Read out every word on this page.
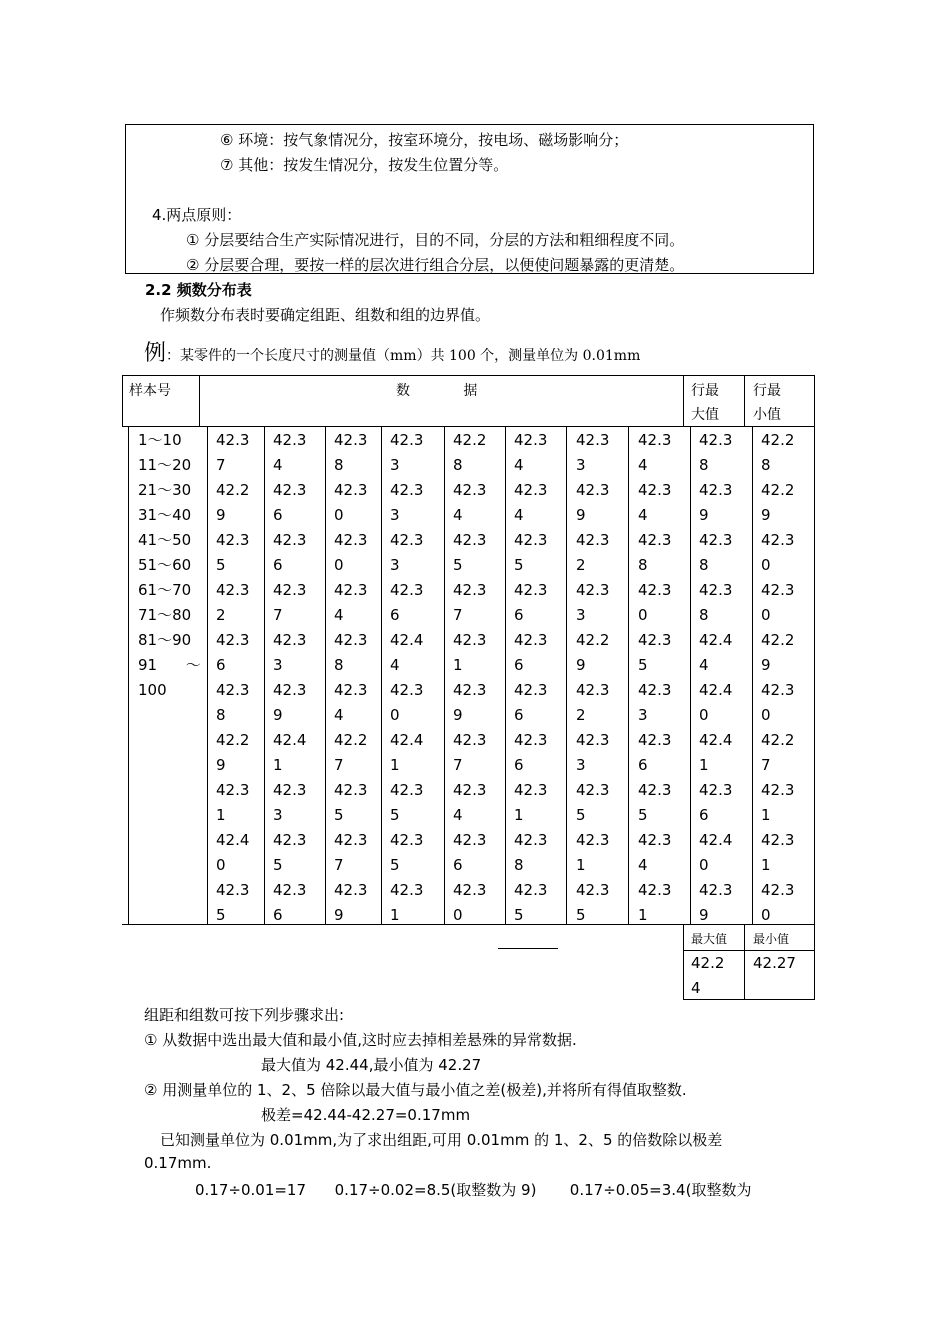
⑥ 环境：按气象情况分，按室环境分，按电场、磁场影响分；
⑦ 其他：按发生情况分，按发生位置分等。
4.两点原则：
① 分层要结合生产实际情况进行，目的不同，分层的方法和粗细程度不同。
② 分层要合理，要按一样的层次进行组合分层，以便使问题暴露的更清楚。
2.2 频数分布表
作频数分布表时要确定组距、组数和组的边界值。
例：某零件的一个长度尺寸的测量值（mm）共 100 个，测量单位为 0.01mm
样本号	数            据	行最
大值
行最
小值
1～10
11～20
21～30
31～40
41～50
51～60
61～70
71～80
81～90
91      ～
100
42.3
7
42.2
9
42.3
5
42.3
2
42.3
6
42.3
8
42.2
9
42.3
1
42.4
0
42.3
5
42.3
4
42.3
6
42.3
6
42.3
7
42.3
3
42.3
9
42.4
1
42.3
3
42.3
5
42.3
6
42.3
8
42.3
0
42.3
0
42.3
4
42.3
8
42.3
4
42.2
7
42.3
5
42.3
7
42.3
9
42.3
3
42.3
3
42.3
3
42.3
6
42.4
4
42.3
0
42.4
1
42.3
5
42.3
5
42.3
1
42.2
8
42.3
4
42.3
5
42.3
7
42.3
1
42.3
9
42.3
7
42.3
4
42.3
6
42.3
0
42.3
4
42.3
4
42.3
5
42.3
6
42.3
6
42.3
6
42.3
6
42.3
1
42.3
8
42.3
5
42.3
3
42.3
9
42.3
2
42.3
3
42.2
9
42.3
2
42.3
3
42.3
5
42.3
1
42.3
5
42.3
4
42.3
4
42.3
8
42.3
0
42.3
5
42.3
3
42.3
6
42.3
5
42.3
4
42.3
1
42.3
8
42.3
9
42.3
8
42.3
8
42.4
4
42.4
0
42.4
1
42.3
6
42.4
0
42.3
9
42.2
8
42.2
9
42.3
0
42.3
0
42.2
9
42.3
0
42.2
7
42.3
1
42.3
1
42.3
0
最大值 最小值
42.2
4
42.27
组距和组数可按下列步骤求出:
① 从数据中选出最大值和最小值,这时应去掉相差悬殊的异常数据.
最大值为 42.44,最小值为 42.27
② 用测量单位的 1、2、5 倍除以最大值与最小值之差(极差),并将所有得值取整数.
极差=42.44-42.27=0.17mm
已知测量单位为 0.01mm,为了求出组距,可用 0.01mm 的 1、2、5 的倍数除以极差
0.17mm.
0.17÷0.01=17      0.17÷0.02=8.5(取整数为 9)       0.17÷0.05=3.4(取整数为
